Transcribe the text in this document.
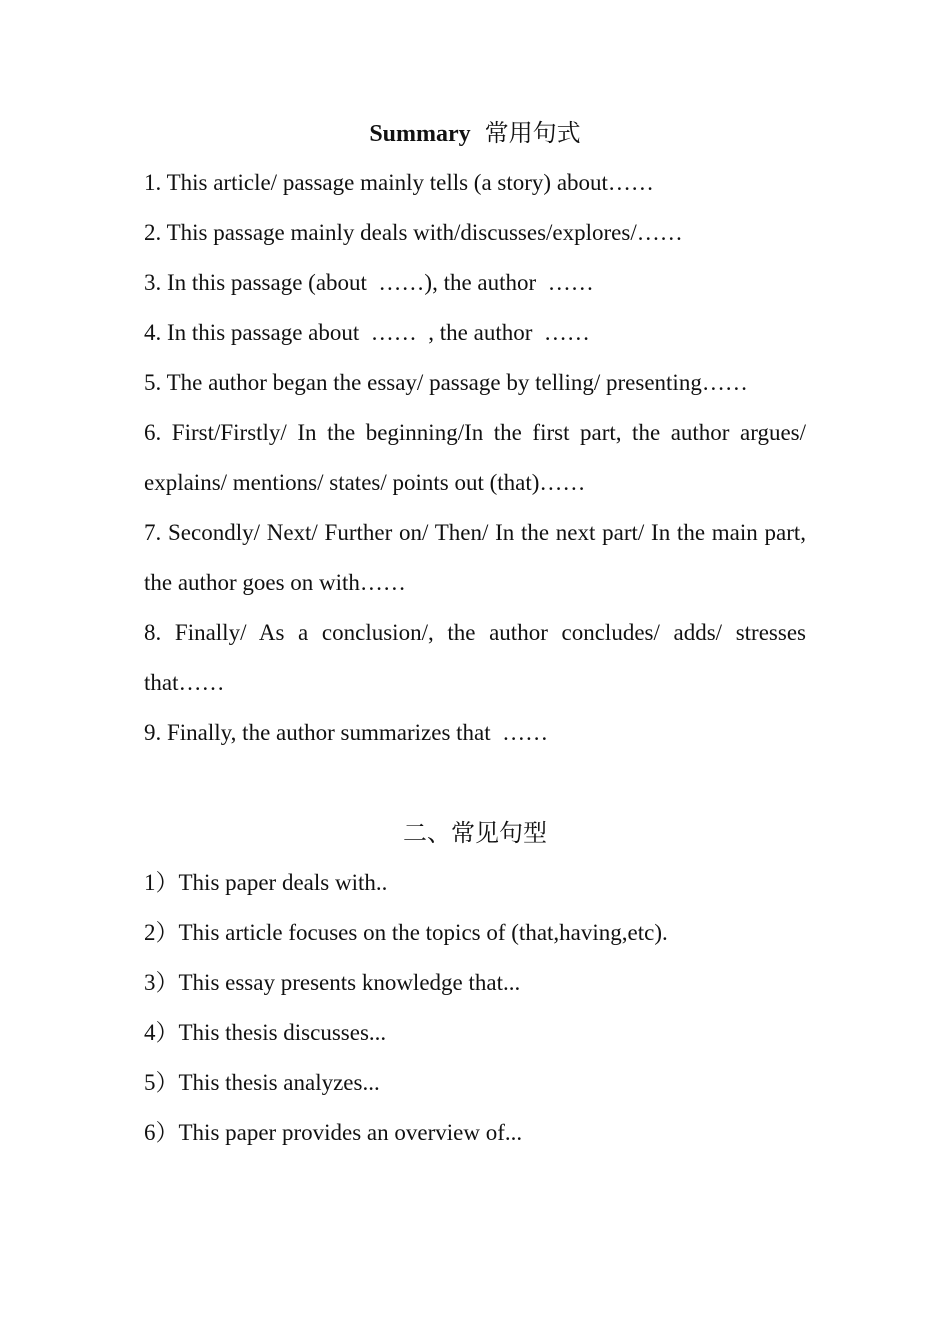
Summary 常用句式

1. This article/ passage mainly tells (a story) about……

2. This passage mainly deals with/discusses/explores/……

3. In this passage (about  ……), the author  ……

4. In this passage about  ……  , the author  ……

5. The author began the essay/ passage by telling/ presenting……

6. First/Firstly/ In the beginning/In the first part, the author argues/ explains/ mentions/ states/ points out (that)……

7. Secondly/ Next/ Further on/ Then/ In the next part/ In the main part, the author goes on with……

8. Finally/ As a conclusion/, the author concludes/ adds/ stresses that……

9. Finally, the author summarizes that  ……

二、常见句型

1）This paper deals with..

2）This article focuses on the topics of (that,having,etc).

3）This essay presents knowledge that...

4）This thesis discusses...

5）This thesis analyzes...

6）This paper provides an overview of...
